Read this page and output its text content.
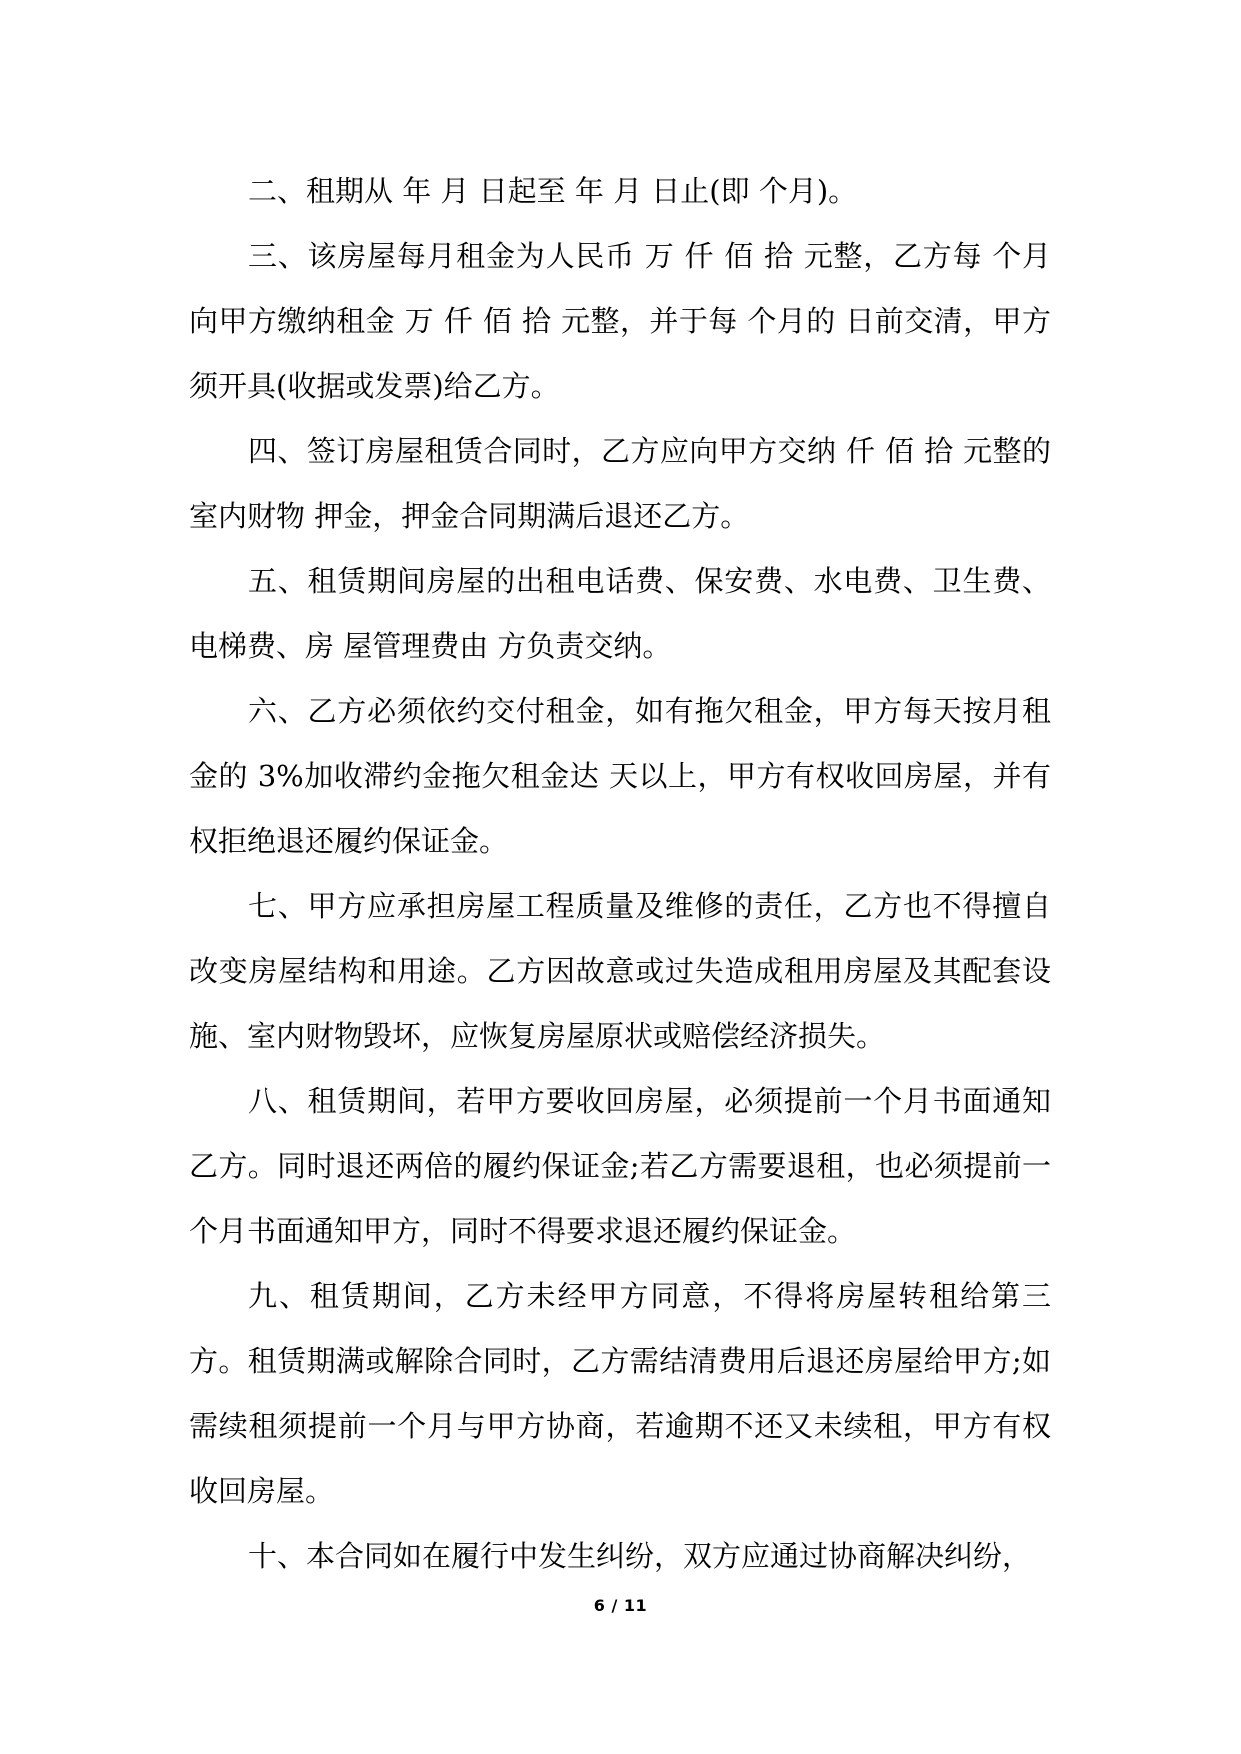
二、租期从 年 月 日起至 年 月 日止(即 个月)。

三、该房屋每月租金为人民币 万 仟 佰 拾 元整，乙方每 个月向甲方缴纳租金 万 仟 佰 拾 元整，并于每 个月的 日前交清，甲方须开具(收据或发票)给乙方。

四、签订房屋租赁合同时，乙方应向甲方交纳 仟 佰 拾 元整的室内财物 押金，押金合同期满后退还乙方。

五、租赁期间房屋的出租电话费、保安费、水电费、卫生费、电梯费、房 屋管理费由 方负责交纳。

六、乙方必须依约交付租金，如有拖欠租金，甲方每天按月租金的 3%加收滞约金拖欠租金达 天以上，甲方有权收回房屋，并有权拒绝退还履约保证金。

七、甲方应承担房屋工程质量及维修的责任，乙方也不得擅自改变房屋结构和用途。乙方因故意或过失造成租用房屋及其配套设施、室内财物毁坏，应恢复房屋原状或赔偿经济损失。

八、租赁期间，若甲方要收回房屋，必须提前一个月书面通知乙方。同时退还两倍的履约保证金;若乙方需要退租，也必须提前一个月书面通知甲方，同时不得要求退还履约保证金。

九、租赁期间，乙方未经甲方同意，不得将房屋转租给第三方。租赁期满或解除合同时，乙方需结清费用后退还房屋给甲方;如需续租须提前一个月与甲方协商，若逾期不还又未续租，甲方有权收回房屋。

十、本合同如在履行中发生纠纷，双方应通过协商解决纠纷，

6 / 11
